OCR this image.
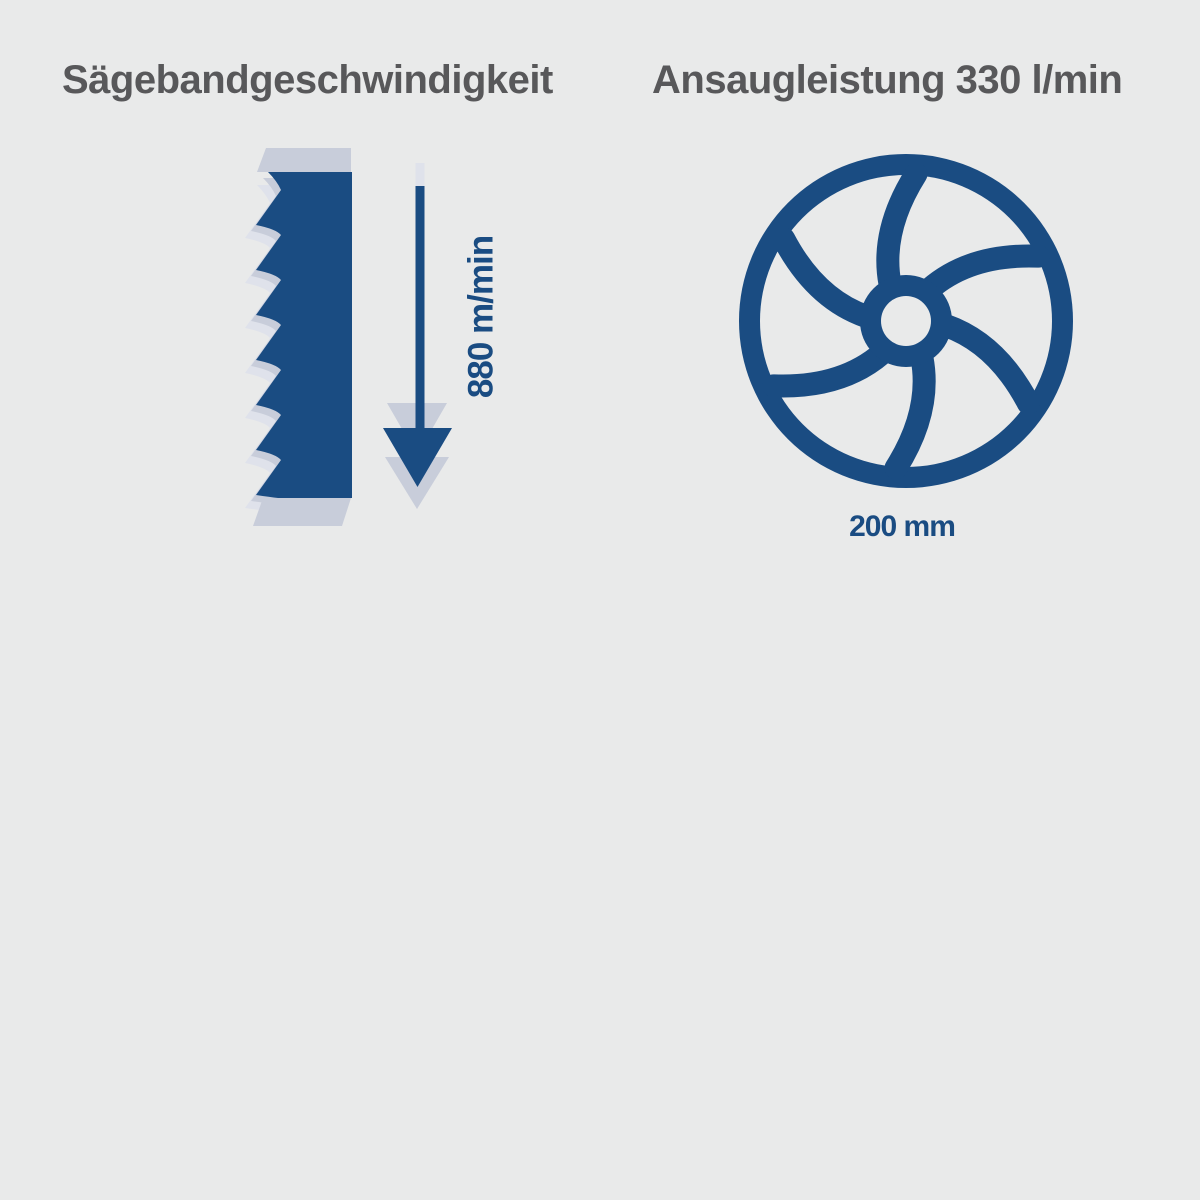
Sägebandgeschwindigkeit
880 m/min
Ansaugleistung 330 l/min
200 mm
